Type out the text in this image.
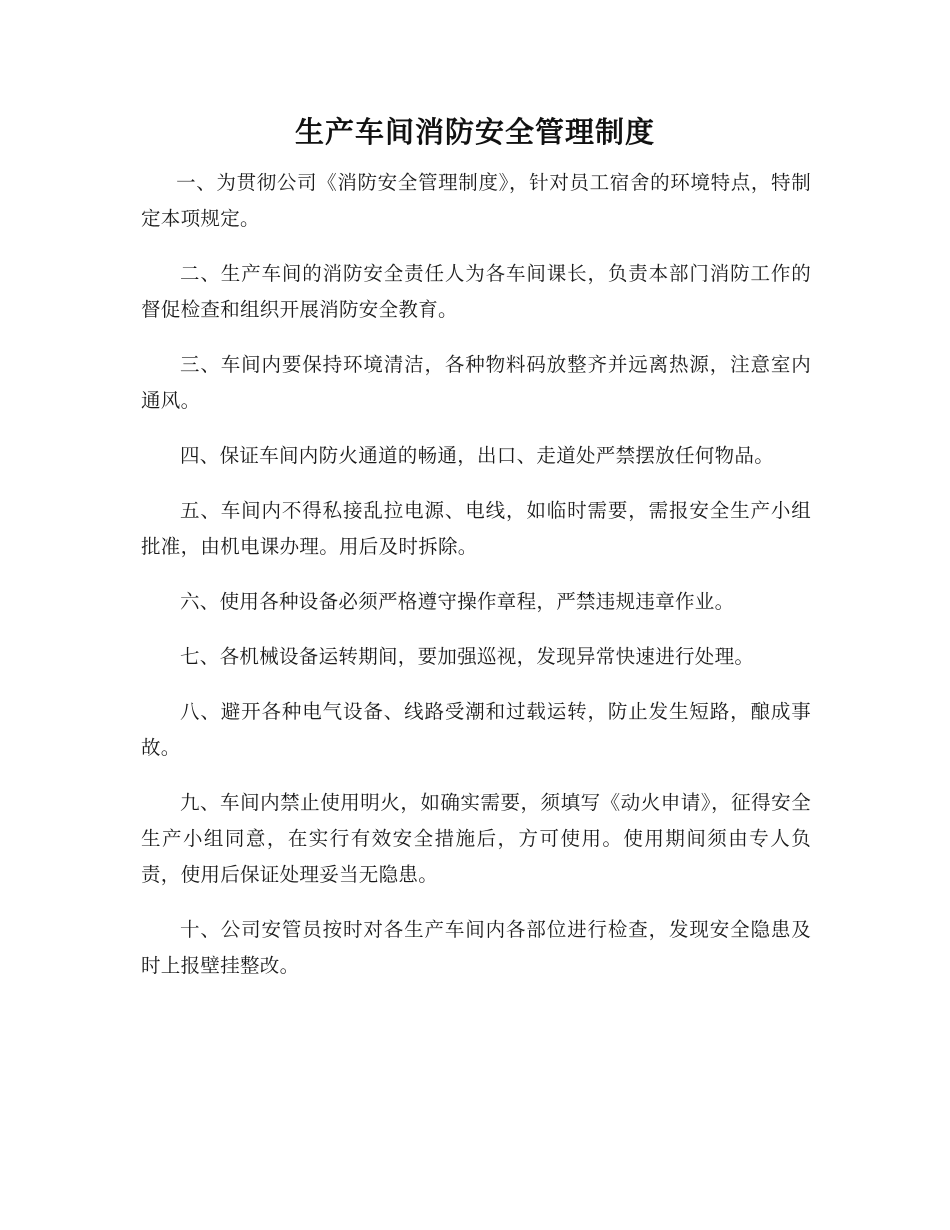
生产车间消防安全管理制度

一、为贯彻公司《消防安全管理制度》，针对员工宿舍的环境特点，特制定本项规定。

二、生产车间的消防安全责任人为各车间课长，负责本部门消防工作的督促检查和组织开展消防安全教育。

三、车间内要保持环境清洁，各种物料码放整齐并远离热源，注意室内通风。

四、保证车间内防火通道的畅通，出口、走道处严禁摆放任何物品。

五、车间内不得私接乱拉电源、电线，如临时需要，需报安全生产小组批准，由机电课办理。用后及时拆除。

六、使用各种设备必须严格遵守操作章程，严禁违规违章作业。

七、各机械设备运转期间，要加强巡视，发现异常快速进行处理。

八、避开各种电气设备、线路受潮和过载运转，防止发生短路，酿成事故。

九、车间内禁止使用明火，如确实需要，须填写《动火申请》，征得安全生产小组同意，在实行有效安全措施后，方可使用。使用期间须由专人负责，使用后保证处理妥当无隐患。

十、公司安管员按时对各生产车间内各部位进行检查，发现安全隐患及时上报壁挂整改。
